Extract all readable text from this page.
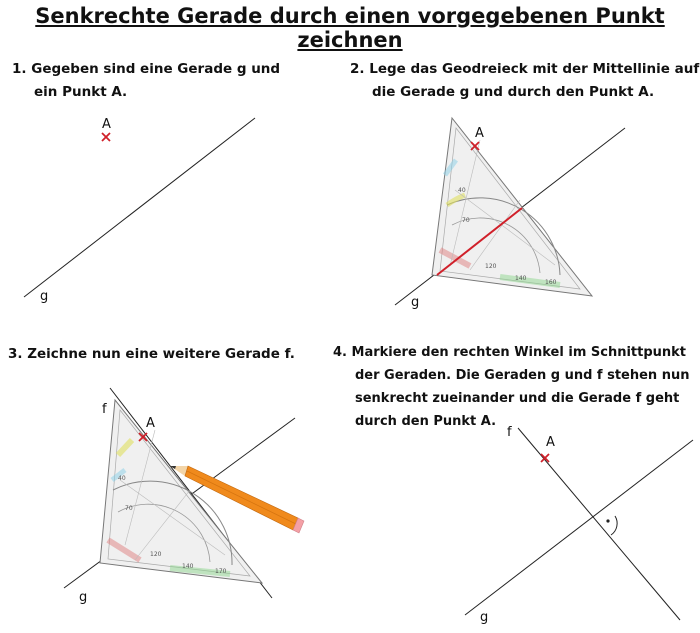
Senkrechte Gerade durch einen vorgegebenen Punkt zeichnen
1. Gegeben sind eine Gerade g und
ein Punkt A.
2. Lege das Geodreieck mit der Mittellinie auf
die Gerade g und durch den Punkt A.
3. Zeichne nun eine weitere Gerade f.	4. Markiere den rechten Winkel im Schnittpunkt
der Geraden. Die Geraden g und f stehen nun
senkrecht zueinander und die Gerade f geht
durch den Punkt A.
g
A
g
40
70
120
140
160
A
g
f
40
70
120
140
170
A
g
f
A
